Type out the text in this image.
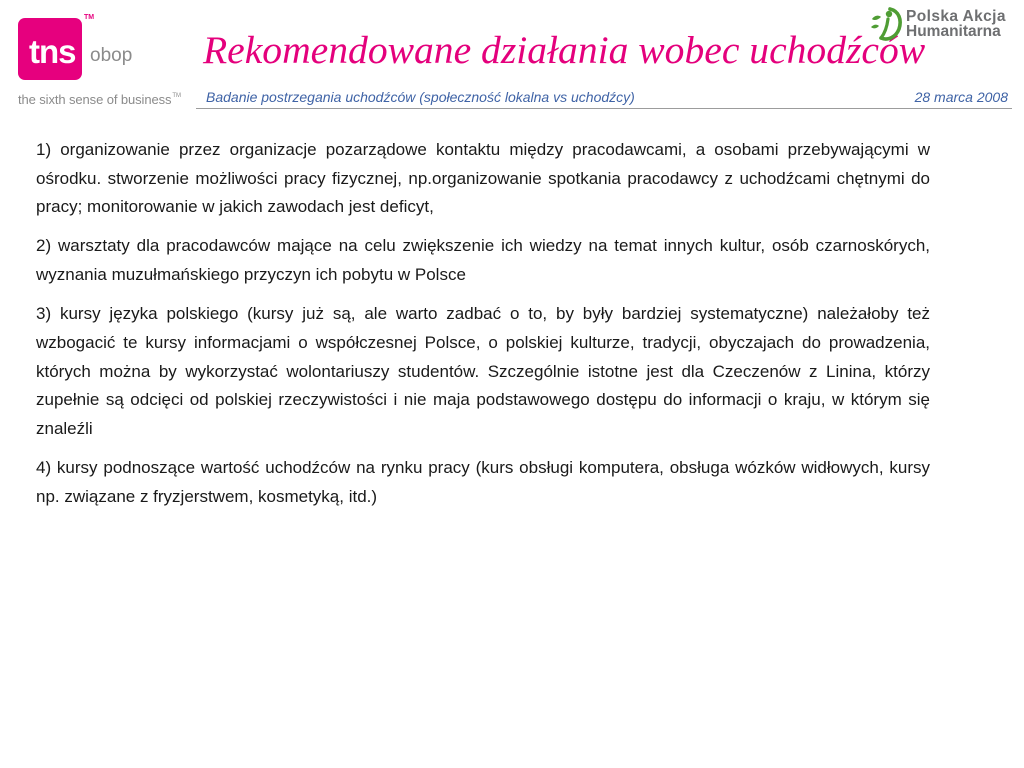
tns
TM
obop
the sixth sense of business™
Rekomendowane działania wobec uchodźców
Polska Akcja
Humanitarna
Badanie postrzegania uchodźców (społeczność lokalna vs uchodźcy)	28 marca 2008
1) organizowanie przez organizacje pozarządowe kontaktu między pracodawcami, a osobami przebywającymi w
ośrodku. stworzenie możliwości pracy fizycznej, np.organizowanie spotkania pracodawcy z uchodźcami chętnymi do
pracy; monitorowanie w jakich zawodach jest deficyt,
2) warsztaty dla pracodawców mające na celu zwiększenie ich wiedzy na temat innych kultur, osób czarnoskórych,
wyznania muzułmańskiego przyczyn ich pobytu w Polsce
3) kursy języka polskiego (kursy już są, ale warto zadbać o to, by były bardziej systematyczne) należałoby też
wzbogacić te kursy informacjami o współczesnej Polsce, o polskiej kulturze, tradycji, obyczajach do prowadzenia,
których można by wykorzystać wolontariuszy studentów. Szczególnie istotne jest dla Czeczenów z Linina, którzy
zupełnie są odcięci od polskiej rzeczywistości i nie maja podstawowego dostępu do informacji o kraju, w którym się
znaleźli
4) kursy podnoszące wartość uchodźców na rynku pracy (kurs obsługi komputera, obsługa wózków widłowych, kursy
np. związane z fryzjerstwem, kosmetyką, itd.)
